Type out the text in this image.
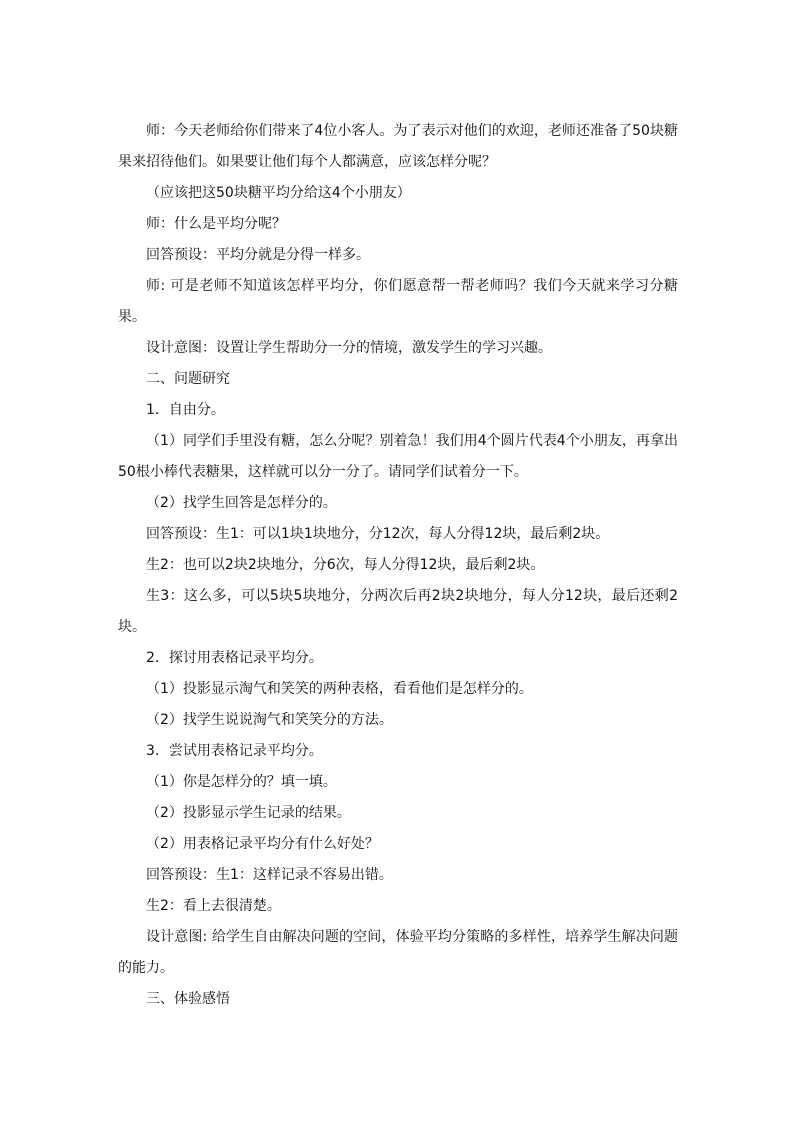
师：今天老师给你们带来了4位小客人。为了表示对他们的欢迎，老师还准备了50块糖果来招待他们。如果要让他们每个人都满意，应该怎样分呢？

（应该把这50块糖平均分给这4个小朋友）

师：什么是平均分呢？

回答预设：平均分就是分得一样多。

师: 可是老师不知道该怎样平均分，你们愿意帮一帮老师吗？我们今天就来学习分糖果。

设计意图：设置让学生帮助分一分的情境，激发学生的学习兴趣。

二、问题研究

1．自由分。

（1）同学们手里没有糖，怎么分呢？别着急！我们用4个圆片代表4个小朋友，再拿出50根小棒代表糖果，这样就可以分一分了。请同学们试着分一下。

（2）找学生回答是怎样分的。

回答预设：生1：可以1块1块地分，分12次，每人分得12块，最后剩2块。

生2：也可以2块2块地分，分6次，每人分得12块，最后剩2块。

生3：这么多，可以5块5块地分，分两次后再2块2块地分，每人分12块，最后还剩2块。

2．探讨用表格记录平均分。

（1）投影显示淘气和笑笑的两种表格，看看他们是怎样分的。

（2）找学生说说淘气和笑笑分的方法。

3．尝试用表格记录平均分。

（1）你是怎样分的？填一填。

（2）投影显示学生记录的结果。

（2）用表格记录平均分有什么好处？

回答预设：生1：这样记录不容易出错。

生2：看上去很清楚。

设计意图: 给学生自由解决问题的空间，体验平均分策略的多样性，培养学生解决问题的能力。

三、体验感悟
